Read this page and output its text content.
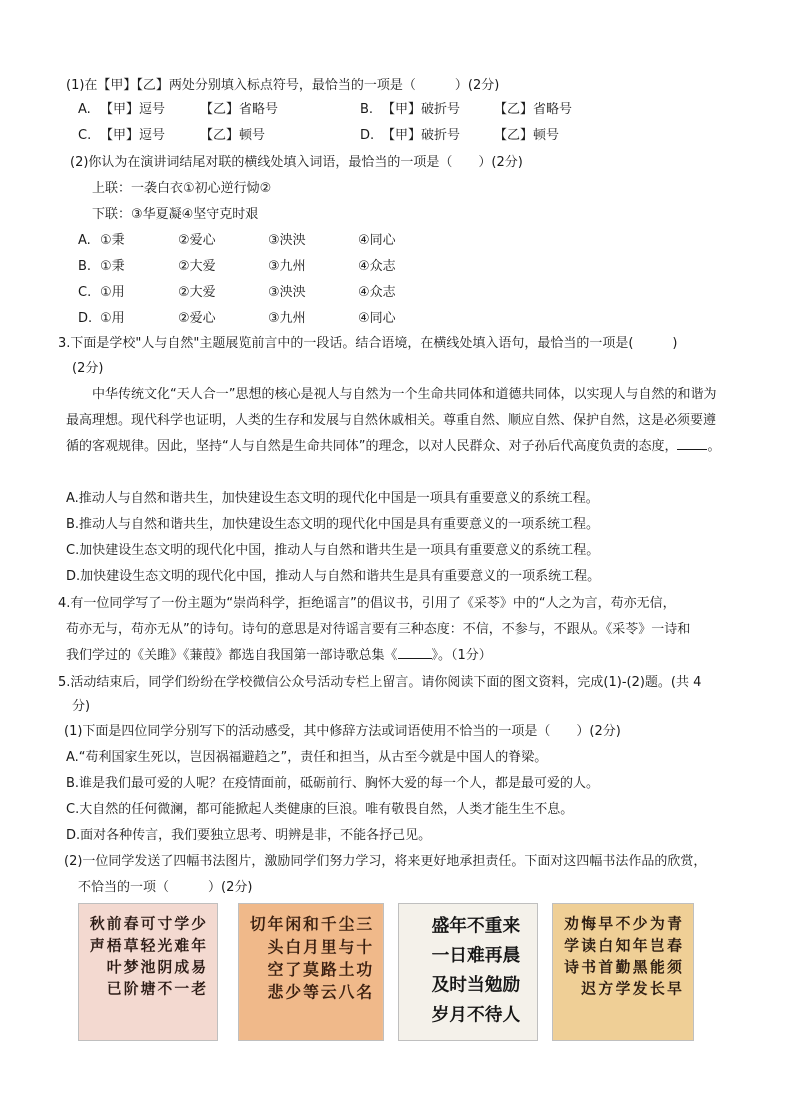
(1)在【甲】【乙】两处分别填入标点符号，最恰当的一项是（　　　）(2分)
A. 【甲】逗号	【乙】省略号	B. 【甲】破折号	【乙】省略号
C. 【甲】逗号	【乙】顿号	D. 【甲】破折号	【乙】顿号
(2)你认为在演讲词结尾对联的横线处填入词语，最恰当的一项是（　　）(2分)
上联：一袭白衣①初心逆行恸②
下联：③华夏凝④坚守克时艰
A. ①秉	②爱心	③泱泱	④同心
B. ①秉	②大爱	③九州	④众志
C. ①用	②大爱	③泱泱	④众志
D. ①用	②爱心	③九州	④同心
3.下面是学校"人与自然"主题展览前言中的一段话。结合语境，在横线处填入语句，最恰当的一项是(　　　)
(2分)
中华传统文化“天人合一”思想的核心是视人与自然为一个生命共同体和道德共同体，以实现人与自然的和谐为最高理想。现代科学也证明，人类的生存和发展与自然休戚相关。尊重自然、顺应自然、保护自然，这是必须要遵循的客观规律。因此，坚持“人与自然是生命共同体”的理念，以对人民群众、对子孙后代高度负责的态度， 。
A.推动人与自然和谐共生，加快建设生态文明的现代化中国是一项具有重要意义的系统工程。
B.推动人与自然和谐共生，加快建设生态文明的现代化中国是具有重要意义的一项系统工程。
C.加快建设生态文明的现代化中国，推动人与自然和谐共生是一项具有重要意义的系统工程。
D.加快建设生态文明的现代化中国，推动人与自然和谐共生是具有重要意义的一项系统工程。
4.有一位同学写了一份主题为“崇尚科学，拒绝谣言”的倡议书，引用了《采苓》中的“人之为言，苟亦无信，
苟亦无与，苟亦无从”的诗句。诗句的意思是对待谣言要有三种态度：不信，不参与，不跟从。《采苓》一诗和
我们学过的《关雎》《蒹葭》都选自我国第一部诗歌总集《	》。（1分）
5.活动结束后，同学们纷纷在学校微信公众号活动专栏上留言。请你阅读下面的图文资料，完成(1)-(2)题。(共 4
分)
(1)下面是四位同学分别写下的活动感受，其中修辞方法或词语使用不恰当的一项是（　　）(2分)
A.“苟利国家生死以，岂因祸福避趋之”，责任和担当，从古至今就是中国人的脊梁。
B.谁是我们最可爱的人呢？在疫情面前，砥砺前行、胸怀大爱的每一个人，都是最可爱的人。
C.大自然的任何微澜，都可能掀起人类健康的巨浪。唯有敬畏自然，人类才能生生不息。
D.面对各种传言，我们要独立思考、明辨是非，不能各抒己见。
(2)一位同学发送了四幅书法图片，激励同学们努力学习，将来更好地承担责任。下面对这四幅书法作品的欣赏，
不恰当的一项（　　　）(2分)
少
年
易
老
学
难
成
一
寸
光
阴
不
可
轻
池
塘
春
草
梦
阶
前
梧
叶
已
秋
声
三
十
功
名
尘
与
土
八
千
里
路
云
和
月
莫
等
闲
白
了
少
年
头
空
悲
切	盛年不重来
一日难再晨
及时当勉励
岁月不待人
青
春
须
早
为
岂
能
长
少
年
黑
发
不
知
勤
学
早
白
首
方
悔
读
书
迟
劝
学
诗
